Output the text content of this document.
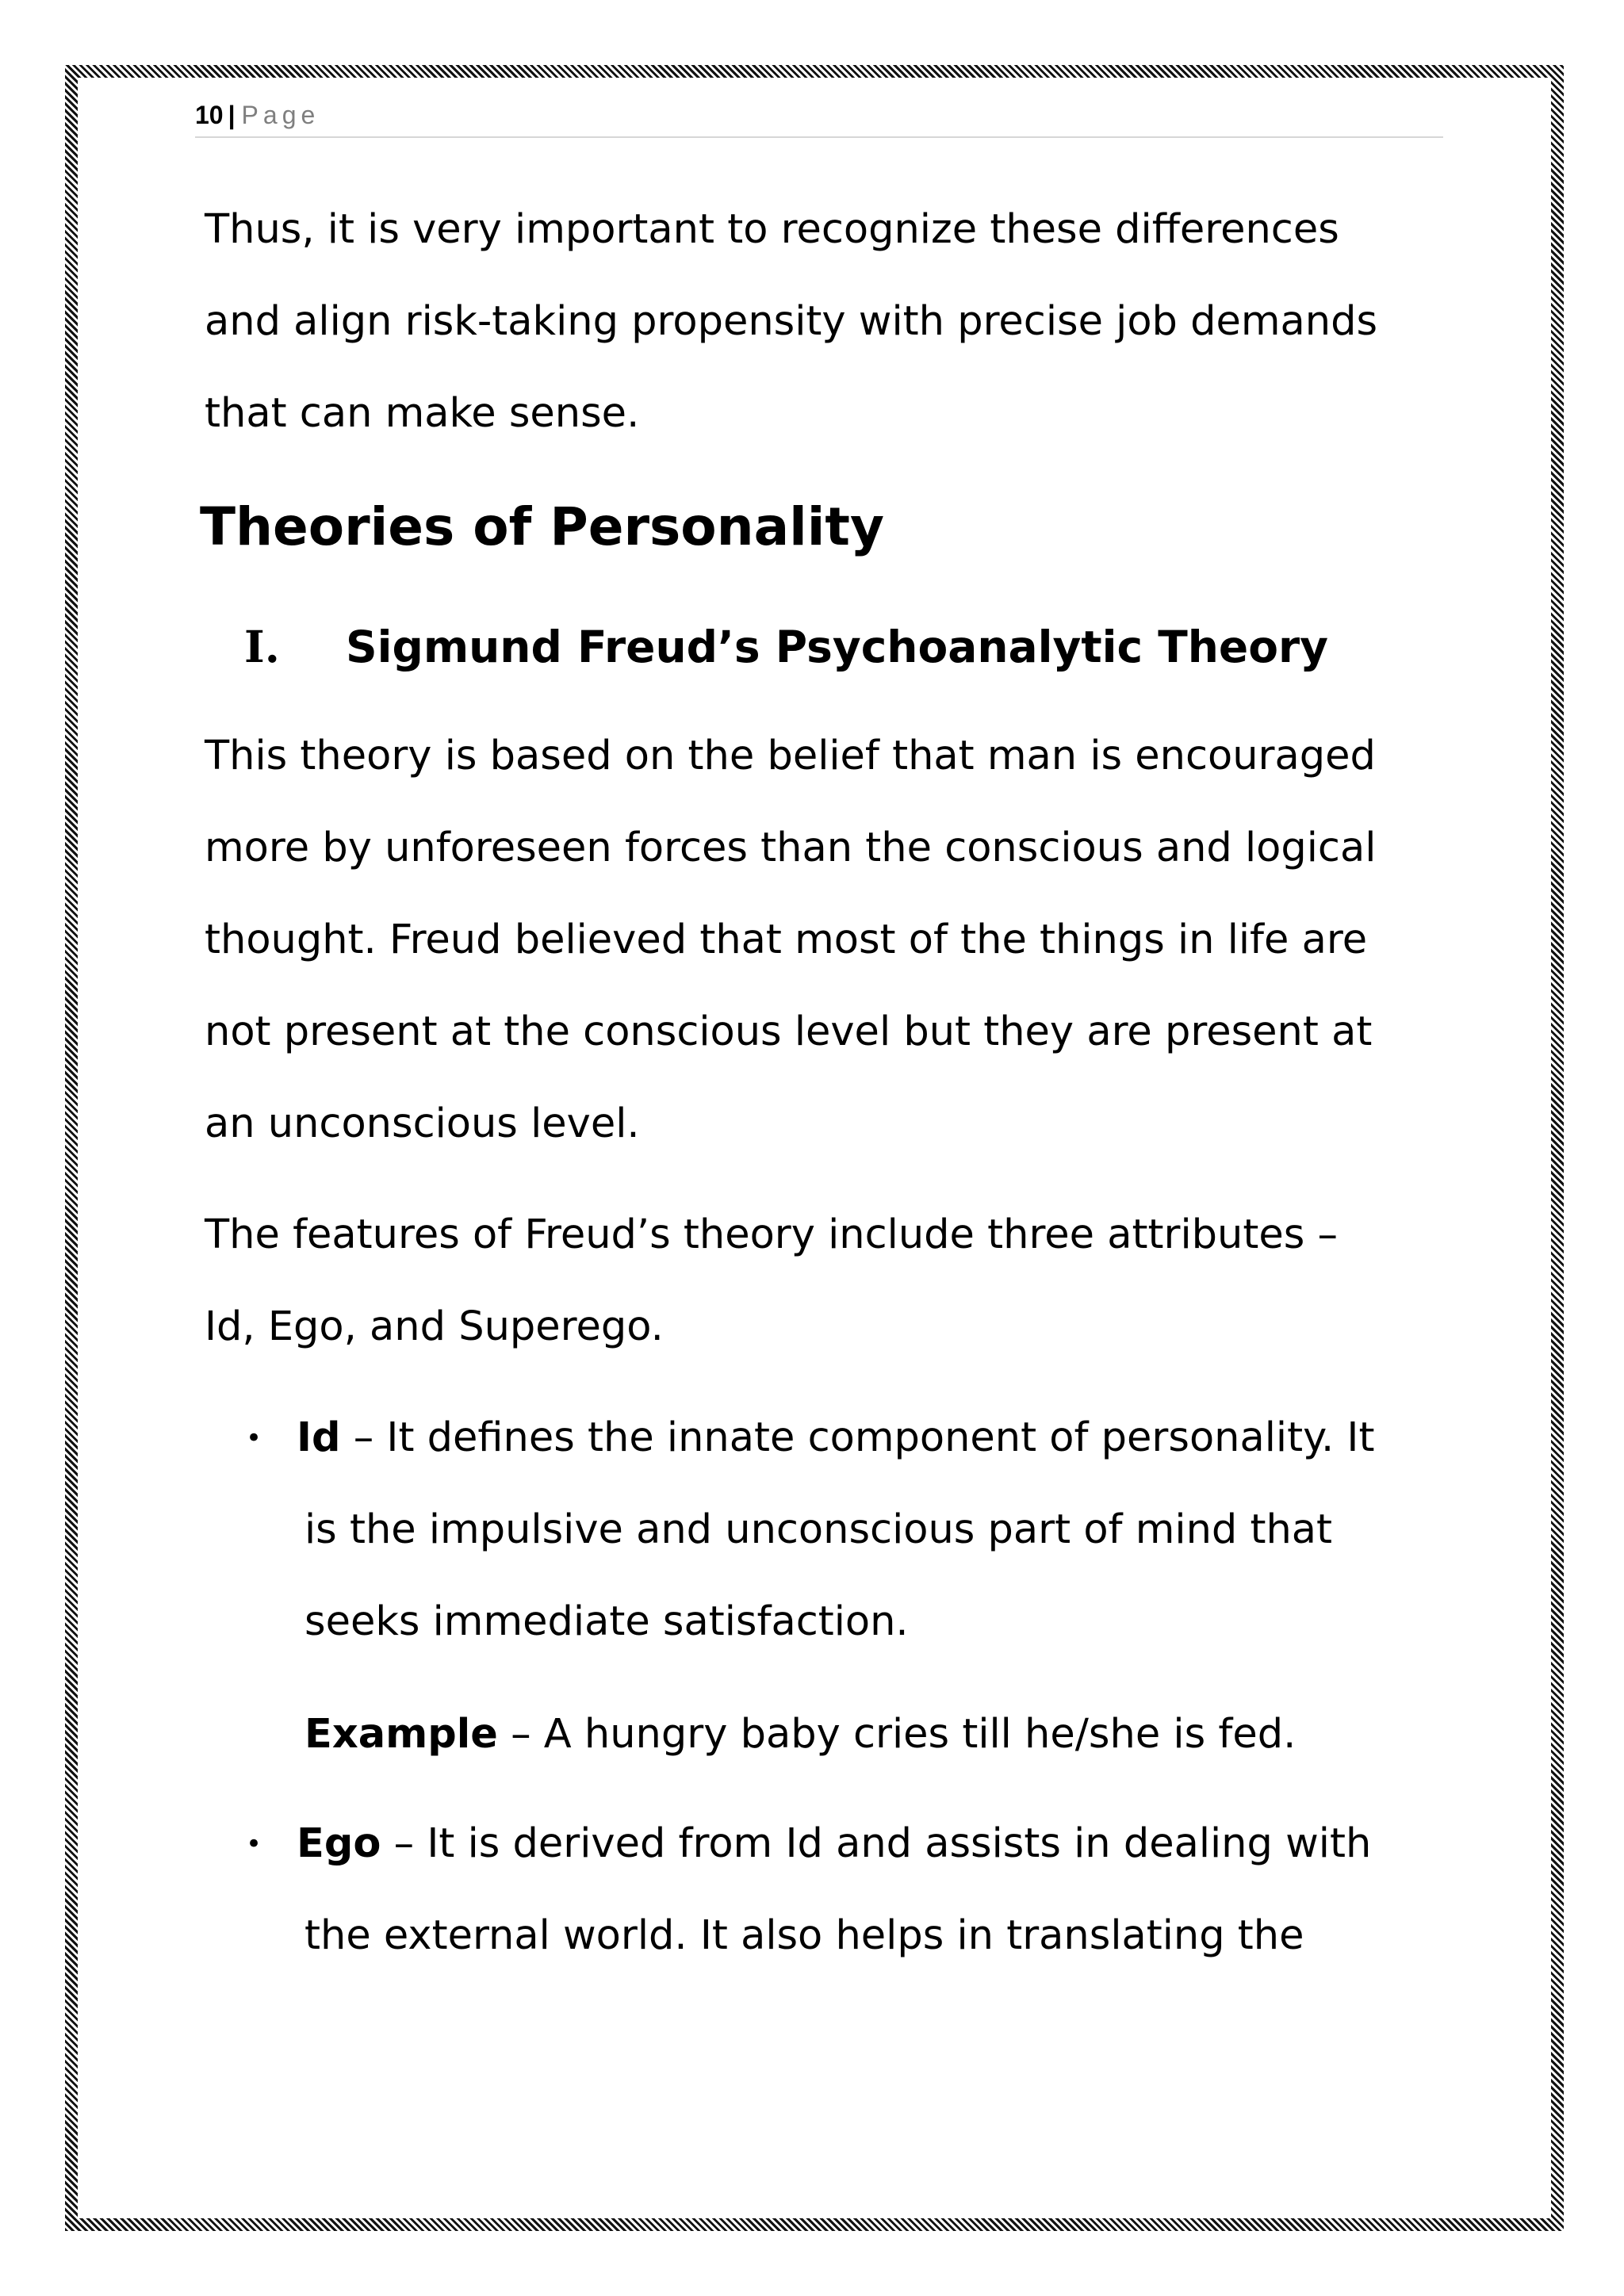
10 | Page

Thus, it is very important to recognize these differences
and align risk-taking propensity with precise job demands
that can make sense.

Theories of Personality
I. Sigmund Freud’s Psychoanalytic Theory

This theory is based on the belief that man is encouraged
more by unforeseen forces than the conscious and logical
thought. Freud believed that most of the things in life are
not present at the conscious level but they are present at
an unconscious level.

The features of Freud’s theory include three attributes –
Id, Ego, and Superego.

• Id – It defines the innate component of personality. It
is the impulsive and unconscious part of mind that
seeks immediate satisfaction.

Example – A hungry baby cries till he/she is fed.

• Ego – It is derived from Id and assists in dealing with
the external world. It also helps in translating the
